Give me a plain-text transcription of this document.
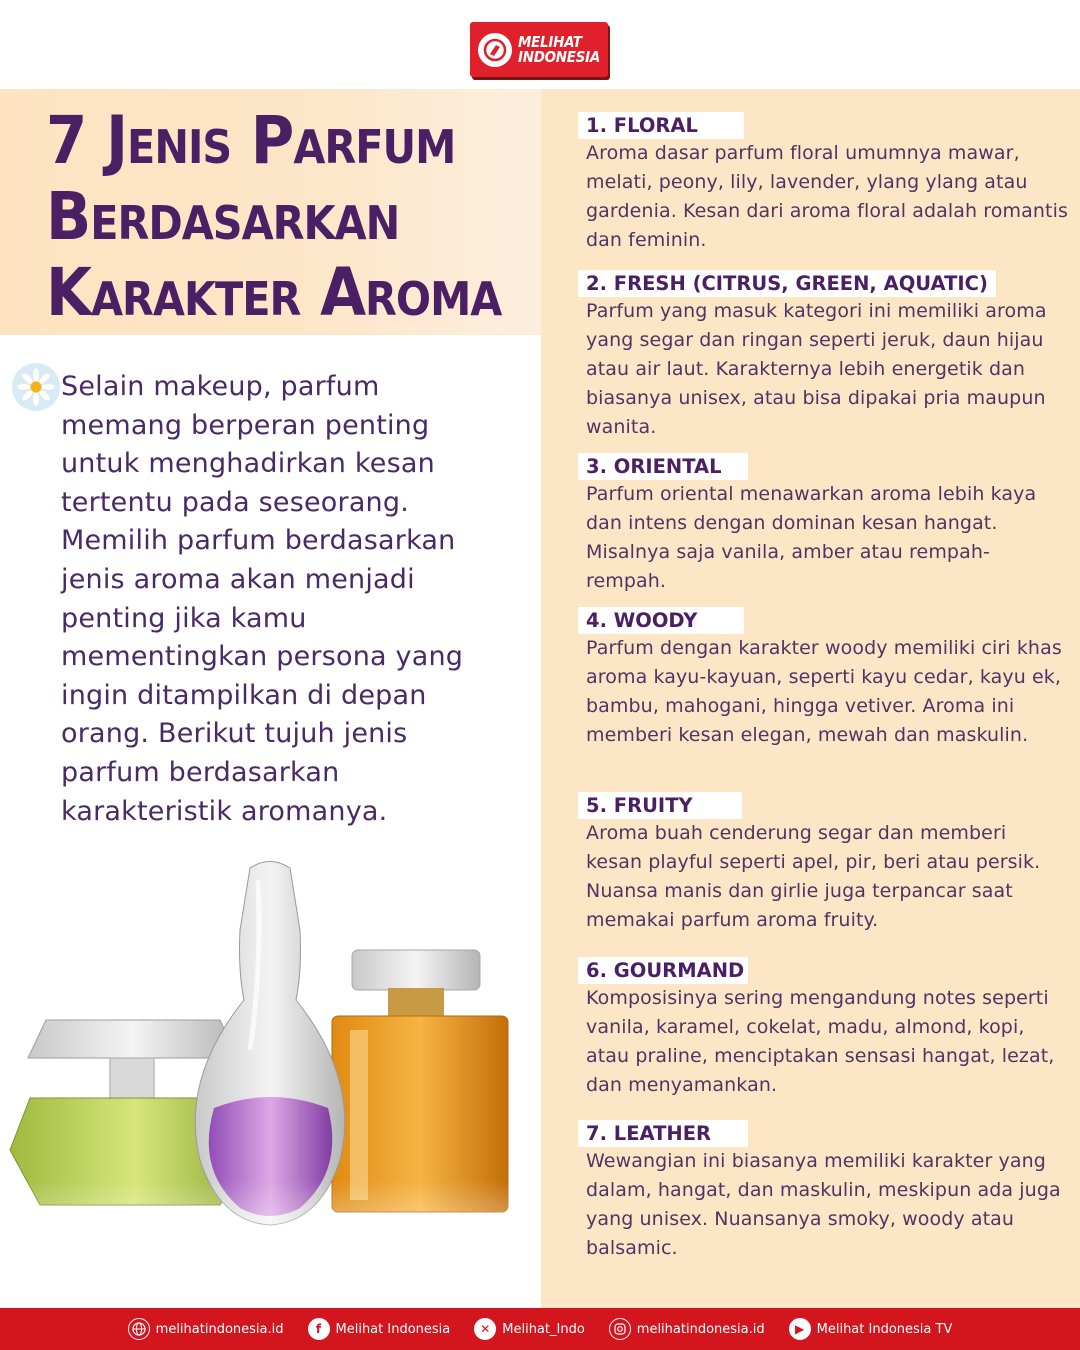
MELIHAT
INDONESIA
7 Jenis Parfum
Berdasarkan
Karakter Aroma

Selain makeup, parfum memang berperan penting untuk menghadirkan kesan tertentu pada seseorang. Memilih parfum berdasarkan jenis aroma akan menjadi penting jika kamu mementingkan persona yang ingin ditampilkan di depan orang. Berikut tujuh jenis parfum berdasarkan karakteristik aromanya.

1. FLORAL

Aroma dasar parfum floral umumnya mawar, melati, peony, lily, lavender, ylang ylang atau gardenia. Kesan dari aroma floral adalah romantis dan feminin.

2. FRESH (CITRUS, GREEN, AQUATIC)

Parfum yang masuk kategori ini memiliki aroma yang segar dan ringan seperti jeruk, daun hijau atau air laut. Karakternya lebih energetik dan biasanya unisex, atau bisa dipakai pria maupun wanita.

3. ORIENTAL

Parfum oriental menawarkan aroma lebih kaya dan intens dengan dominan kesan hangat. Misalnya saja vanila, amber atau rempah-rempah.

4. WOODY

Parfum dengan karakter woody memiliki ciri khas aroma kayu-kayuan, seperti kayu cedar, kayu ek, bambu, mahogani, hingga vetiver. Aroma ini memberi kesan elegan, mewah dan maskulin.

5. FRUITY

Aroma buah cenderung segar dan memberi kesan playful seperti apel, pir, beri atau persik. Nuansa manis dan girlie juga terpancar saat memakai parfum aroma fruity.

6. GOURMAND

Komposisinya sering mengandung notes seperti vanila, karamel, cokelat, madu, almond, kopi, atau praline, menciptakan sensasi hangat, lezat, dan menyamankan.

7. LEATHER

Wewangian ini biasanya memiliki karakter yang dalam, hangat, dan maskulin, meskipun ada juga yang unisex. Nuansanya smoky, woody atau balsamic.

melihatindonesia.id	f	Melihat Indonesia	✕ Melihat_Indo	melihatindonesia.id	▶ Melihat Indonesia TV
